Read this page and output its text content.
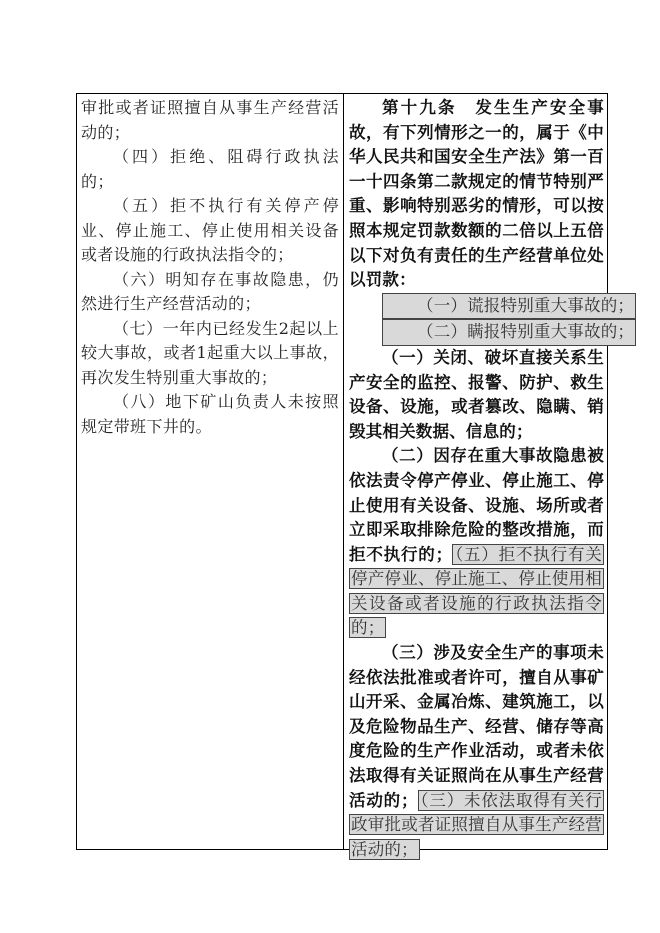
审批或者证照擅自从事生产经营活动的；

（四）拒绝、阻碍行政执法的；

（五）拒不执行有关停产停业、停止施工、停止使用相关设备或者设施的行政执法指令的；

（六）明知存在事故隐患，仍然进行生产经营活动的；

（七）一年内已经发生2起以上较大事故，或者1起重大以上事故，再次发生特别重大事故的；

（八）地下矿山负责人未按照规定带班下井的。

第十九条　发生生产安全事故，有下列情形之一的，属于《中华人民共和国安全生产法》第一百一十四条第二款规定的情节特别严重、影响特别恶劣的情形，可以按照本规定罚款数额的二倍以上五倍以下对负有责任的生产经营单位处以罚款：

（一）谎报特别重大事故的；

（二）瞒报特别重大事故的；

（一）关闭、破坏直接关系生产安全的监控、报警、防护、救生设备、设施，或者篡改、隐瞒、销毁其相关数据、信息的；

（二）因存在重大事故隐患被依法责令停产停业、停止施工、停止使用有关设备、设施、场所或者立即采取排除危险的整改措施，而拒不执行的； （五）拒不执行有关停产停业、停止施工、停止使用相关设备或者设施的行政执法指令的；

（三）涉及安全生产的事项未经依法批准或者许可，擅自从事矿山开采、金属冶炼、建筑施工，以及危险物品生产、经营、储存等高度危险的生产作业活动，或者未依法取得有关证照尚在从事生产经营活动的； （三）未依法取得有关行政审批或者证照擅自从事生产经营活动的；
